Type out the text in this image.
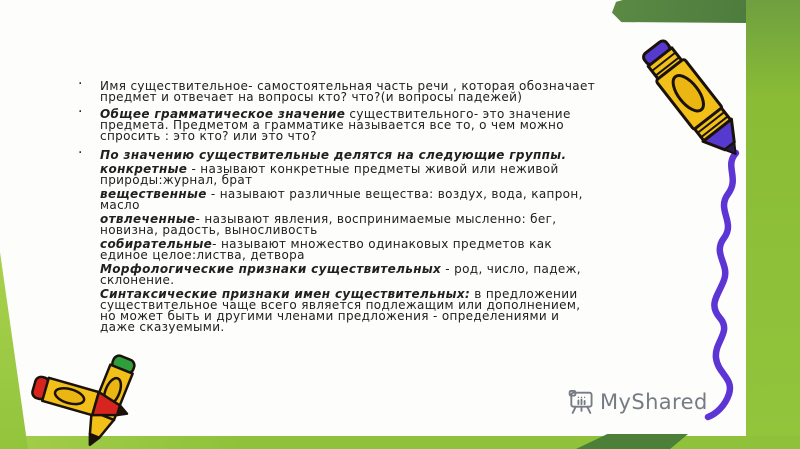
· Имя существительное- самостоятельная часть речи , которая обозначает
предмет и отвечает на вопросы кто? что?(и вопросы падежей)
· Общее грамматическое значение существительного- это значение
предмета. Предметом а грамматике называется все то, о чем можно
спросить : это кто? или это что?
· По значению существительные делятся на следующие группы.
конкретные - называют конкретные предметы живой или неживой
природы:журнал, брат
вещественные - называют различные вещества: воздух, вода, капрон,
масло
отвлеченные- называют явления, воспринимаемые мысленно: бег,
новизна, радость, выносливость
собирательные- называют множество одинаковых предметов как
единое целое:листва, детвора
Морфологические признаки существительных - род, число, падеж,
склонение.
Синтаксические признаки имен существительных: в предложении
существительное чаще всего является подлежащим или дополнением,
но может быть и другими членами предложения - определениями и
даже сказуемыми.
MyShared
